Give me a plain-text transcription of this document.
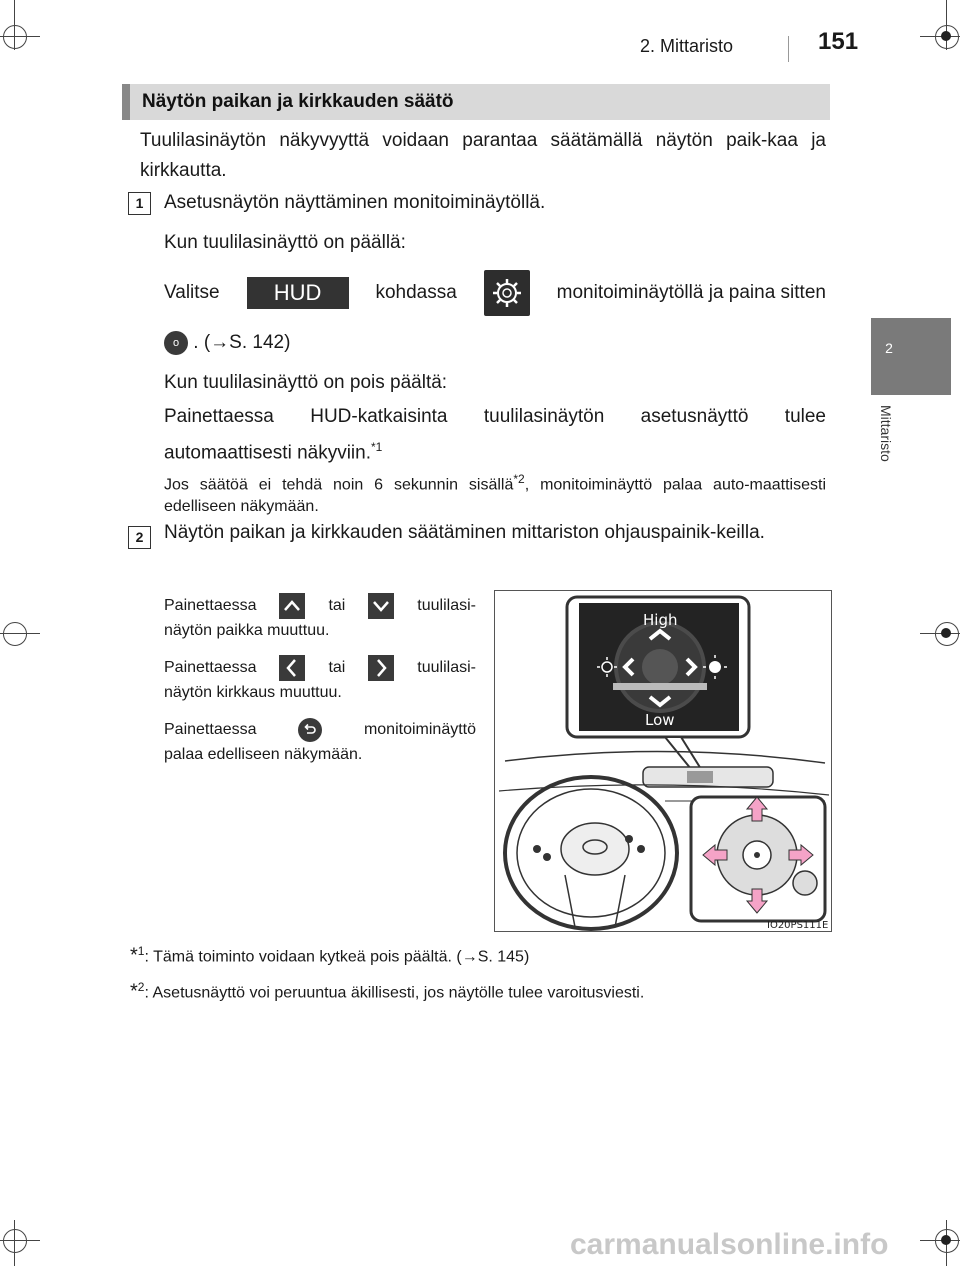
2. Mittaristo	151
2
Mittaristo
Näytön paikan ja kirkkauden säätö
Tuulilasinäytön näkyvyyttä voidaan parantaa säätämällä näytön paik-kaa ja kirkkautta.
1	Asetusnäytön näyttäminen monitoiminäytöllä.
Kun tuulilasinäyttö on päällä:
Valitse	HUD	kohdassa	monitoiminäytöllä ja paina sitten
o . (→S. 142)
Kun tuulilasinäyttö on pois päältä:
Painettaessa HUD-katkaisinta tuulilasinäytön asetusnäyttö tulee automaattisesti näkyviin.$^{*1}$
Jos säätöä ei tehdä noin 6 sekunnin sisällä$^{*2}$, monitoiminäyttö palaa auto-maattisesti edelliseen näkymään.
2	Näytön paikan ja kirkkauden säätäminen mittariston ohjauspainik-keilla.
Painettaessa	tai	tuulilasi-
näytön paikka muuttuu.
Painettaessa	tai	tuulilasi-
näytön kirkkaus muuttuu.
Painettaessa	monitoiminäyttö
palaa edelliseen näkymään.
High
Low
IO20PS111E
*$^1$: Tämä toiminto voidaan kytkeä pois päältä. (→S. 145)
*$^2$: Asetusnäyttö voi peruuntua äkillisesti, jos näytölle tulee varoitusviesti.
carmanualsonline.info
